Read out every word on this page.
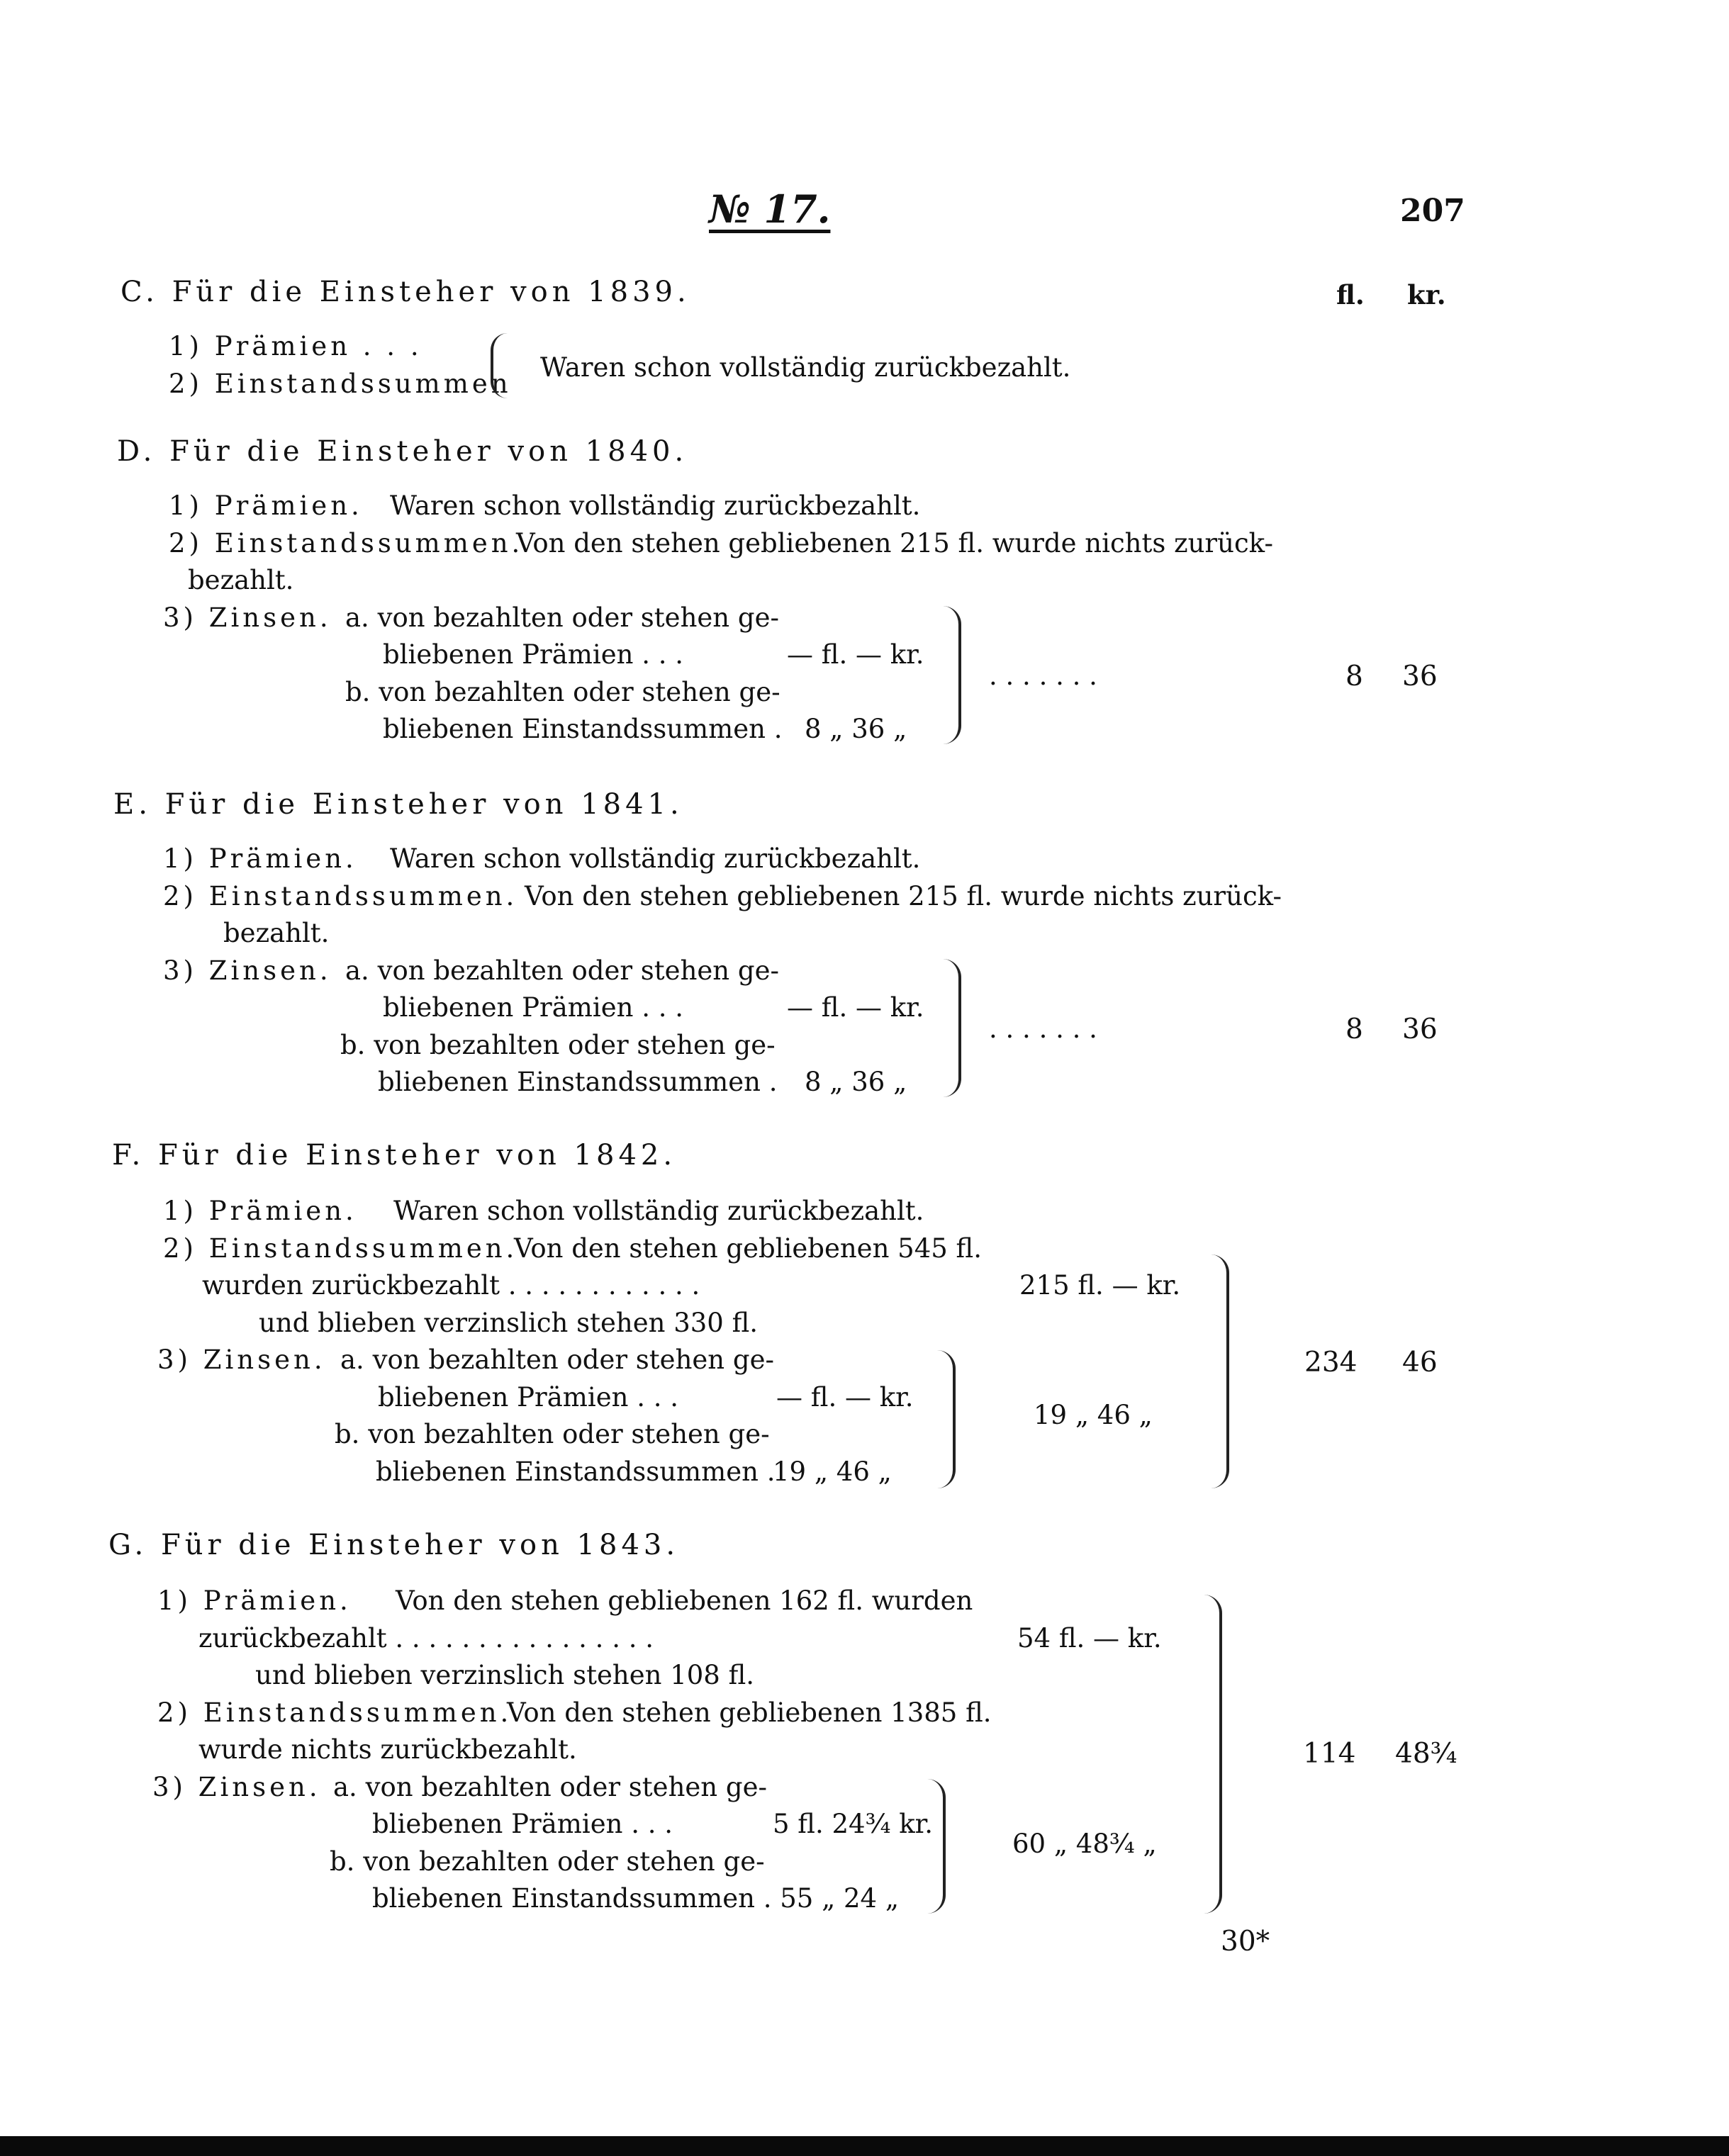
№ 17.	207
C. Für die Einsteher von 1839.	fl. kr.
1) Prämien . . .
2) Einstandssummen
Waren schon vollständig zurückbezahlt.
D. Für die Einsteher von 1840.
1) Prämien. Waren schon vollständig zurückbezahlt.
2) Einstandssummen.
Von den stehen gebliebenen 215 fl. wurde nichts zurück-
bezahlt.
3) Zinsen. a. von bezahlten oder stehen ge-
bliebenen Prämien . . .	— fl. — kr.
b. von bezahlten oder stehen ge-
bliebenen Einstandssummen . 8 „ 36 „
. . . . . . .	8 36
E. Für die Einsteher von 1841.
1) Prämien. Waren schon vollständig zurückbezahlt.
2) Einstandssummen. Von den stehen gebliebenen 215 fl. wurde nichts zurück-
bezahlt.
3) Zinsen. a. von bezahlten oder stehen ge-
bliebenen Prämien . . .	— fl. — kr.
b. von bezahlten oder stehen ge-
bliebenen Einstandssummen . 8 „ 36 „
. . . . . . .	8 36
F. Für die Einsteher von 1842.
1) Prämien. Waren schon vollständig zurückbezahlt.
2) Einstandssummen.
Von den stehen gebliebenen 545 fl.
wurden zurückbezahlt . . . . . . . . . . . .	215 fl. — kr.
und blieben verzinslich stehen 330 fl.
3) Zinsen. a. von bezahlten oder stehen ge-
bliebenen Prämien . . .	— fl. — kr.
b. von bezahlten oder stehen ge-
bliebenen Einstandssummen .
19 „ 46 „
19 „ 46 „
234 46
G. Für die Einsteher von 1843.
1) Prämien. Von den stehen gebliebenen 162 fl. wurden
zurückbezahlt . . . . . . . . . . . . . . . .	54 fl. — kr.
und blieben verzinslich stehen 108 fl.
2) Einstandssummen.
Von den stehen gebliebenen 1385 fl.
wurde nichts zurückbezahlt.
3) Zinsen. a. von bezahlten oder stehen ge-
bliebenen Prämien . . .	5 fl. 24¾ kr.
b. von bezahlten oder stehen ge-
bliebenen Einstandssummen . 55 „ 24 „
60 „ 48¾ „
114 48¾
30*
